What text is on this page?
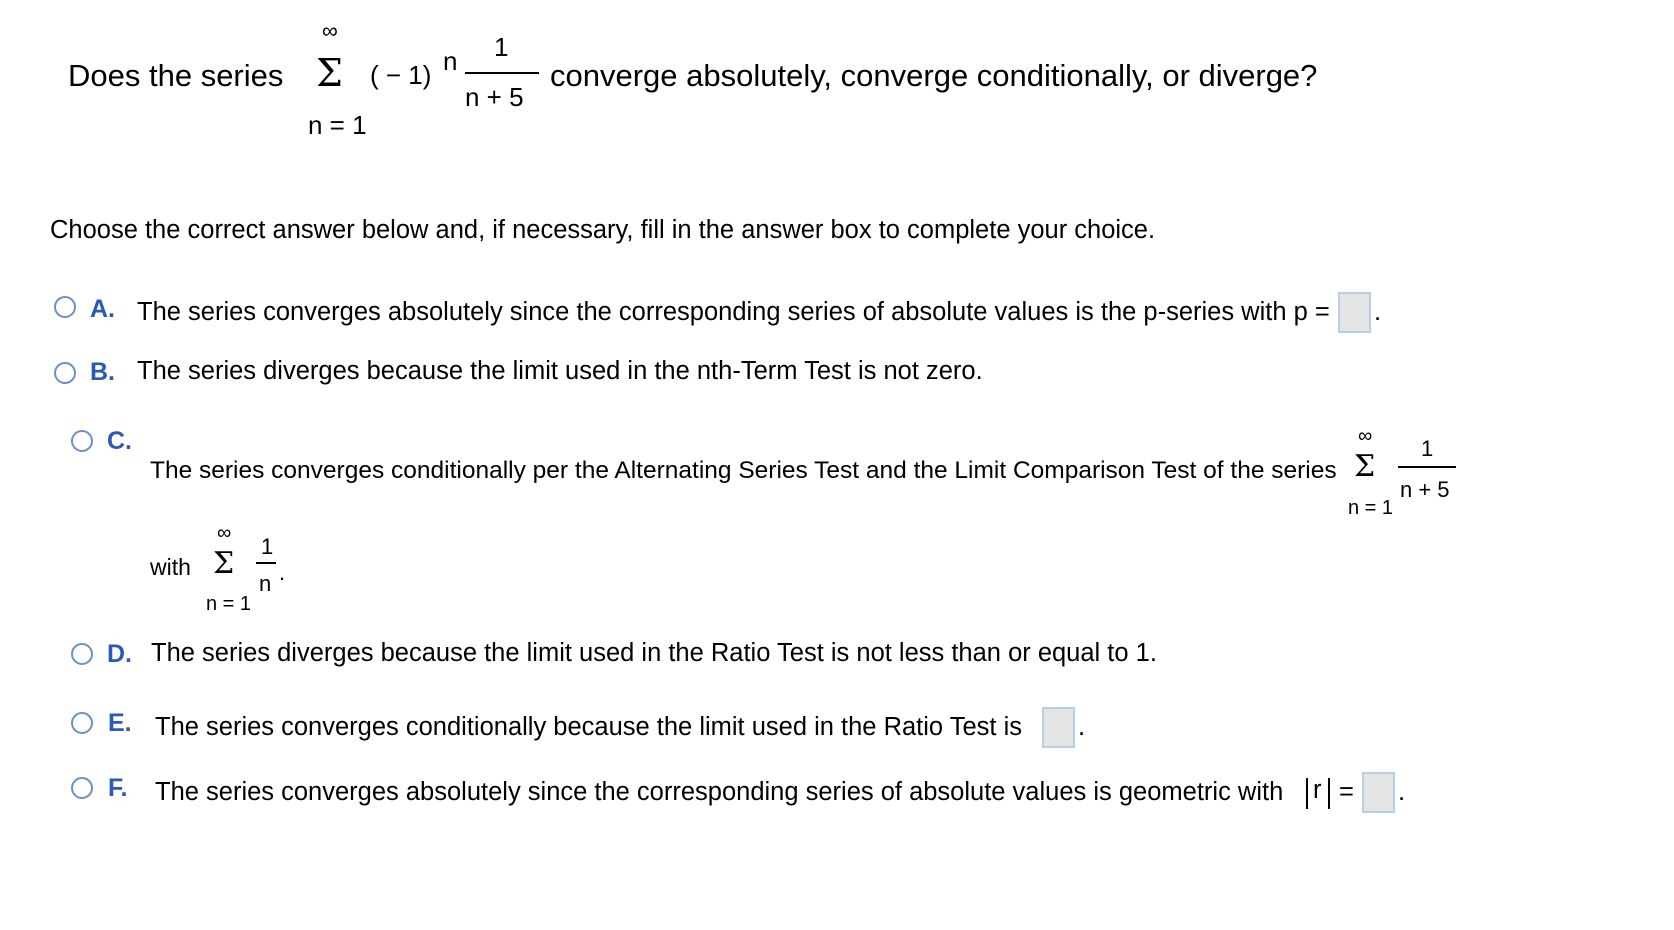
Does the series
∞
Σ
n = 1
( − 1) n 1
n + 5
converge absolutely, converge conditionally, or diverge?
Choose the correct answer below and, if necessary, fill in the answer box to complete your choice.
A. The series converges absolutely since the corresponding series of absolute values is the p-series with p = .
B. The series diverges because the limit used in the nth-Term Test is not zero.
C.
The series converges conditionally per the Alternating Series Test and the Limit Comparison Test of the series
∞
Σ
n = 1
1
n + 5
with
∞
Σ
n = 1
1
n .
D. The series diverges because the limit used in the Ratio Test is not less than or equal to 1.
E. The series converges conditionally because the limit used in the Ratio Test is .
F. The series converges absolutely since the corresponding series of absolute values is geometric with r = .
